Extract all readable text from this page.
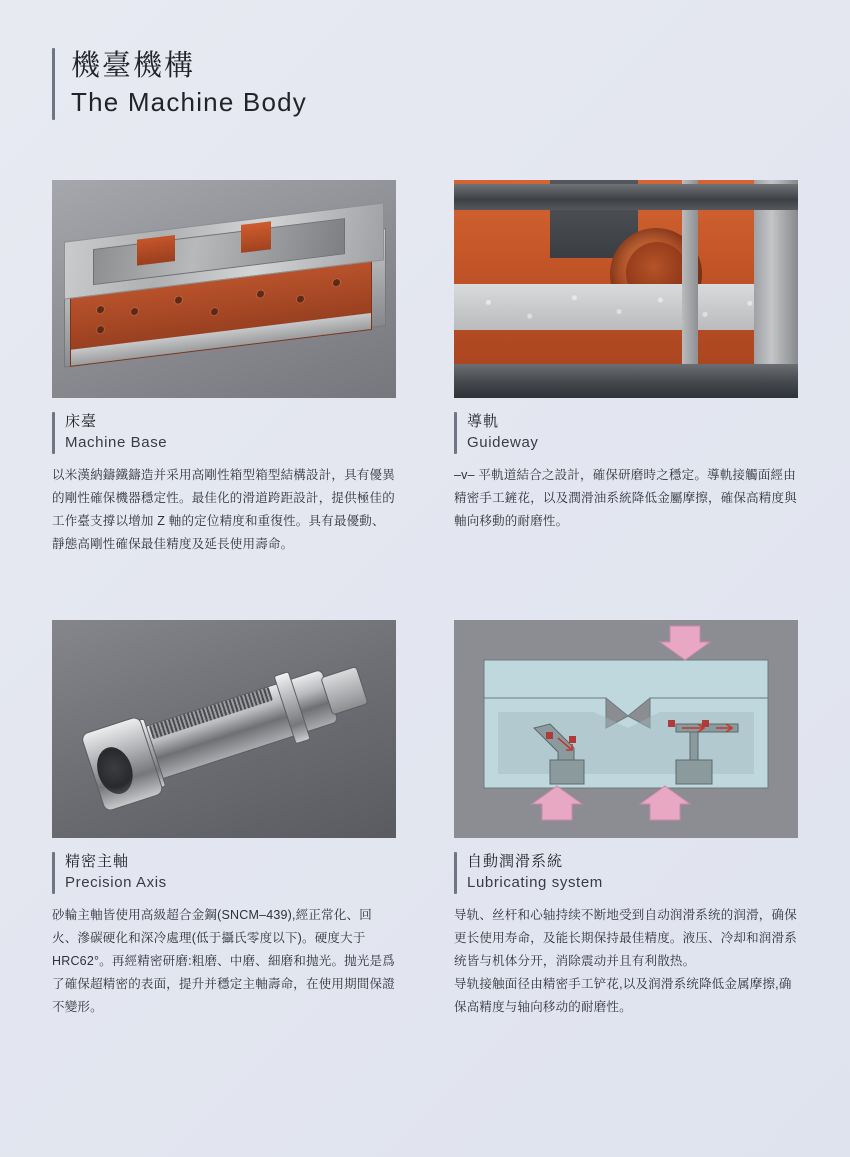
機臺機構
The Machine Body
床臺
Machine Base
以米漢納鑄鐵鑄造并采用高剛性箱型箱型結構設計，具有優異的剛性確保機器穩定性。最佳化的滑道跨距設計，提供極佳的工作臺支撐以增加 Z 軸的定位精度和重復性。具有最優動、靜態高剛性確保最佳精度及延長使用壽命。
導軌
Guideway
–v– 平軌道結合之設計，確保研磨時之穩定。導軌接觸面經由精密手工鏟花，以及潤滑油系統降低金屬摩擦，確保高精度與軸向移動的耐磨性。
精密主軸
Precision Axis
砂輪主軸皆使用高級超合金鋼(SNCM–439),經正常化、回火、滲碳硬化和深冷處理(低于攝氏零度以下)。硬度大于HRC62°。再經精密研磨:粗磨、中磨、細磨和抛光。抛光是爲了確保超精密的表面，提升并穩定主軸壽命，在使用期間保證不變形。
自動潤滑系統
Lubricating system
导轨、丝杆和心轴持续不断地受到自动润滑系统的润滑，确保更长使用寿命，及能长期保持最佳精度。液压、冷却和润滑系统皆与机体分开，消除震动并且有利散热。
导轨接触面径由精密手工铲花,以及润滑系统降低金属摩擦,确保高精度与轴向移动的耐磨性。
